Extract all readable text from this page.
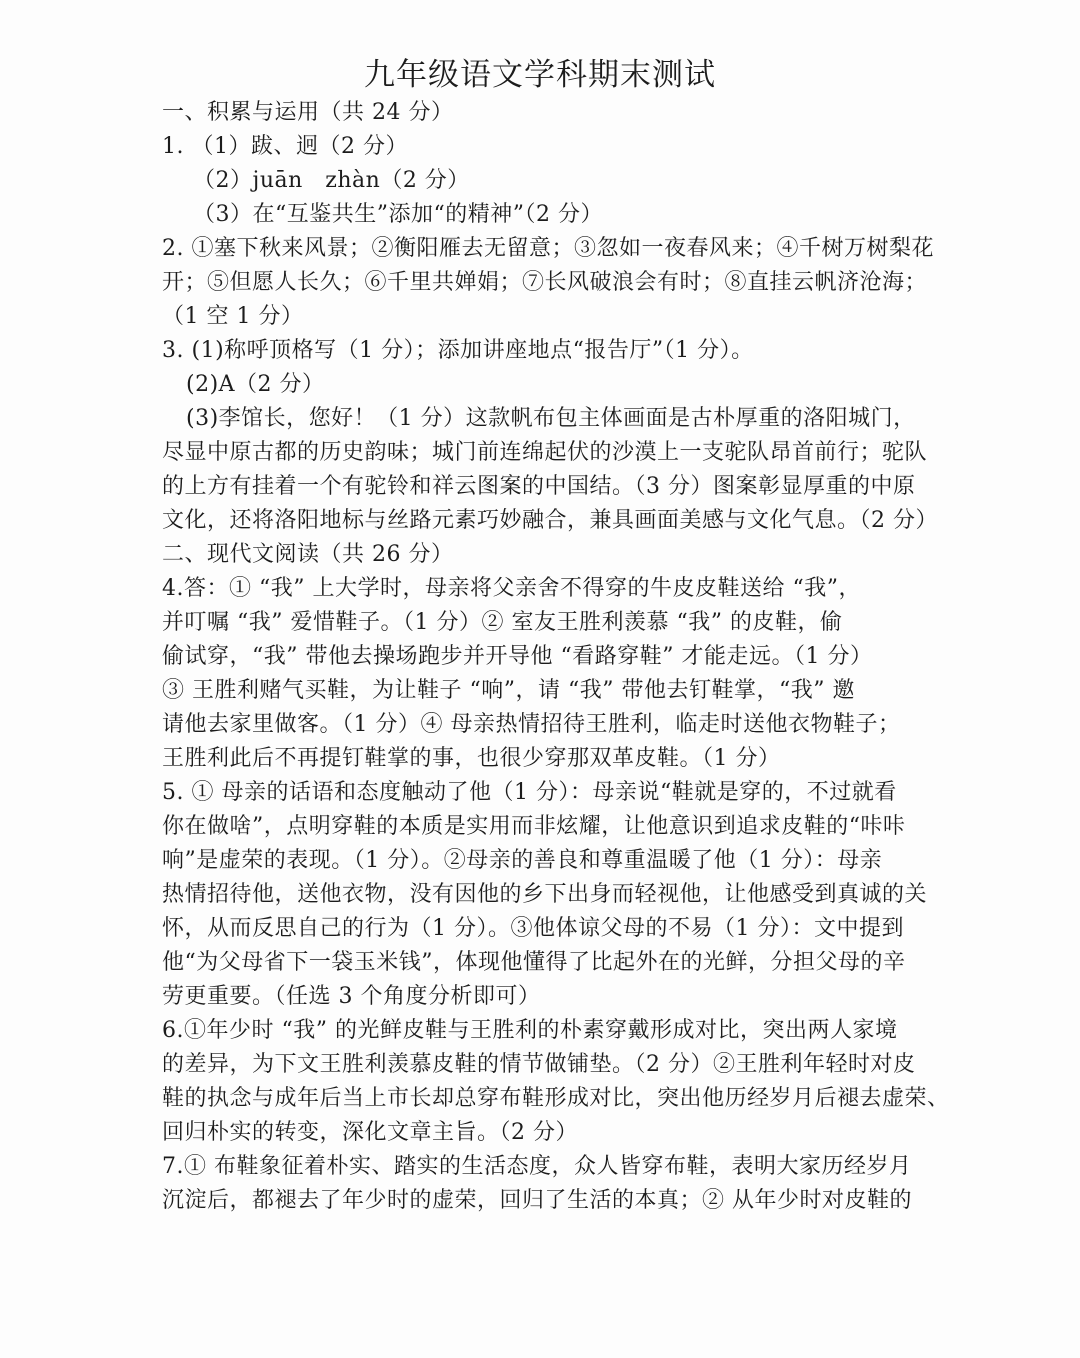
九年级语文学科期末测试
一、积累与运用（共 24 分）
1. （1）跋、迥（2 分）
（2）juān　zhàn（2 分）
（3）在“互鉴共生”添加“的精神”（2 分）
2. ①塞下秋来风景；②衡阳雁去无留意；③忽如一夜春风来；④千树万树梨花
开；⑤但愿人长久；⑥千里共婵娟；⑦长风破浪会有时；⑧直挂云帆济沧海；
（1 空 1 分）
3. (1)称呼顶格写（1 分）；添加讲座地点“报告厅”（1 分）。
(2)A（2 分）
(3)李馆长，您好！（1 分）这款帆布包主体画面是古朴厚重的洛阳城门，
尽显中原古都的历史韵味；城门前连绵起伏的沙漠上一支驼队昂首前行；驼队
的上方有挂着一个有驼铃和祥云图案的中国结。（3 分）图案彰显厚重的中原
文化，还将洛阳地标与丝路元素巧妙融合，兼具画面美感与文化气息。（2 分）
二、现代文阅读（共 26 分）
4.答：① “我” 上大学时，母亲将父亲舍不得穿的牛皮皮鞋送给 “我”，
并叮嘱 “我” 爱惜鞋子。（1 分）② 室友王胜利羡慕 “我” 的皮鞋，偷
偷试穿，“我” 带他去操场跑步并开导他 “看路穿鞋” 才能走远。（1 分）
③ 王胜利赌气买鞋，为让鞋子 “响”，请 “我” 带他去钉鞋掌，“我” 邀
请他去家里做客。（1 分）④ 母亲热情招待王胜利，临走时送他衣物鞋子；
王胜利此后不再提钉鞋掌的事，也很少穿那双革皮鞋。（1 分）
5. ① 母亲的话语和态度触动了他（1 分）：母亲说“鞋就是穿的，不过就看
你在做啥”，点明穿鞋的本质是实用而非炫耀，让他意识到追求皮鞋的“咔咔
响”是虚荣的表现。（1 分）。②母亲的善良和尊重温暖了他（1 分）：母亲
热情招待他，送他衣物，没有因他的乡下出身而轻视他，让他感受到真诚的关
怀，从而反思自己的行为（1 分）。③他体谅父母的不易（1 分）：文中提到
他“为父母省下一袋玉米钱”，体现他懂得了比起外在的光鲜，分担父母的辛
劳更重要。（任选 3 个角度分析即可）
6.①年少时 “我” 的光鲜皮鞋与王胜利的朴素穿戴形成对比，突出两人家境
的差异，为下文王胜利羡慕皮鞋的情节做铺垫。（2 分）②王胜利年轻时对皮
鞋的执念与成年后当上市长却总穿布鞋形成对比，突出他历经岁月后褪去虚荣、
回归朴实的转变，深化文章主旨。（2 分）
7.① 布鞋象征着朴实、踏实的生活态度，众人皆穿布鞋，表明大家历经岁月
沉淀后，都褪去了年少时的虚荣，回归了生活的本真；② 从年少时对皮鞋的
